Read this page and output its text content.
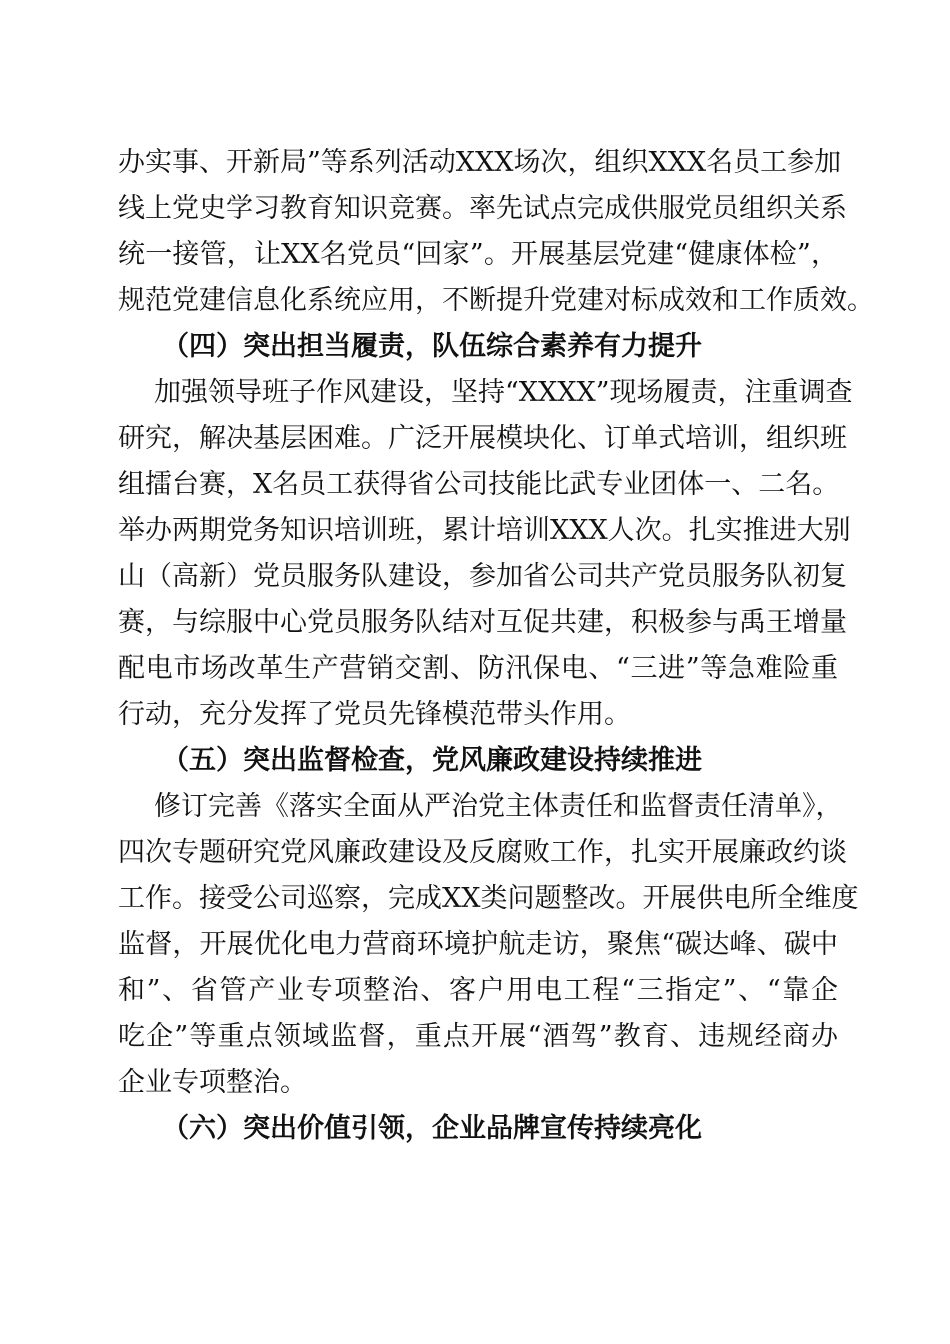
办实事、开新局”等系列活动XXX场次，组织XXX名员工参加
线上党史学习教育知识竞赛。率先试点完成供服党员组织关系
统一接管，让XX名党员“回家”。开展基层党建“健康体检”，
规范党建信息化系统应用，不断提升党建对标成效和工作质效。
（四）突出担当履责，队伍综合素养有力提升
加强领导班子作风建设，坚持“XXXX”现场履责，注重调查
研究，解决基层困难。广泛开展模块化、订单式培训，组织班
组擂台赛，X名员工获得省公司技能比武专业团体一、二名。
举办两期党务知识培训班，累计培训XXX人次。扎实推进大别
山（高新）党员服务队建设，参加省公司共产党员服务队初复
赛，与综服中心党员服务队结对互促共建，积极参与禹王增量
配电市场改革生产营销交割、防汛保电、“三进”等急难险重
行动，充分发挥了党员先锋模范带头作用。
（五）突出监督检查，党风廉政建设持续推进
修订完善《落实全面从严治党主体责任和监督责任清单》，
四次专题研究党风廉政建设及反腐败工作，扎实开展廉政约谈
工作。接受公司巡察，完成XX类问题整改。开展供电所全维度
监督，开展优化电力营商环境护航走访，聚焦“碳达峰、碳中
和”、省管产业专项整治、客户用电工程“三指定”、“靠企
吃企”等重点领域监督，重点开展“酒驾”教育、违规经商办
企业专项整治。
（六）突出价值引领，企业品牌宣传持续亮化
